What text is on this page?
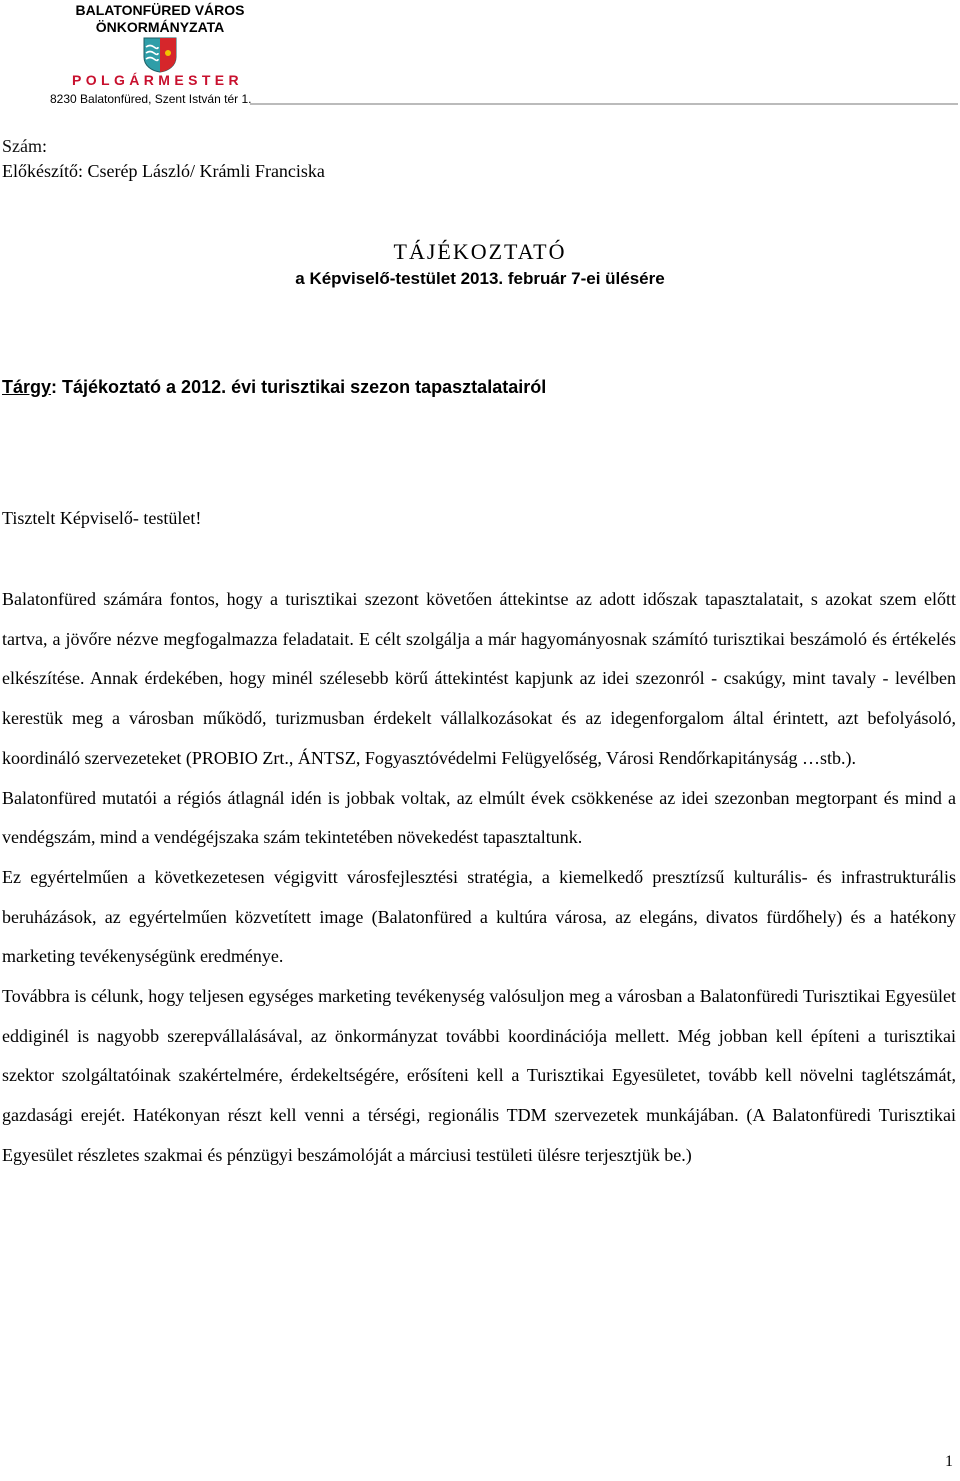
BALATONFÜRED VÁROS
ÖNKORMÁNYZATA
POLGÁRMESTER
8230 Balatonfüred, Szent István tér 1.
Szám:
Előkészítő: Cserép László/ Krámli Franciska
TÁJÉKOZTATÓ
a Képviselő-testület 2013. február 7-ei ülésére
Tárgy: Tájékoztató a 2012. évi turisztikai szezon tapasztalatairól
Tisztelt Képviselő- testület!

Balatonfüred számára fontos, hogy a turisztikai szezont követően áttekintse az adott időszak tapasztalatait, s azokat szem előtt tartva, a jövőre nézve megfogalmazza feladatait. E célt szolgálja a már hagyományosnak számító turisztikai beszámoló és értékelés elkészítése. Annak érdekében, hogy minél szélesebb körű áttekintést kapjunk az idei szezonról - csakúgy, mint tavaly - levélben kerestük meg a városban működő, turizmusban érdekelt vállalkozásokat és az idegenforgalom által érintett, azt befolyásoló, koordináló szervezeteket (PROBIO Zrt., ÁNTSZ, Fogyasztóvédelmi Felügyelőség, Városi Rendőrkapitányság …stb.).

Balatonfüred mutatói a régiós átlagnál idén is jobbak voltak, az elmúlt évek csökkenése az idei szezonban megtorpant és mind a vendégszám, mind a vendégéjszaka szám tekintetében növekedést tapasztaltunk.

Ez egyértelműen a következetesen végigvitt városfejlesztési stratégia, a kiemelkedő presztízsű kulturális- és infrastrukturális beruházások, az egyértelműen közvetített image (Balatonfüred a kultúra városa, az elegáns, divatos fürdőhely) és a hatékony marketing tevékenységünk eredménye.

Továbbra is célunk, hogy teljesen egységes marketing tevékenység valósuljon meg a városban a Balatonfüredi Turisztikai Egyesület eddiginél is nagyobb szerepvállalásával, az önkormányzat további koordinációja mellett. Még jobban kell építeni a turisztikai szektor szolgáltatóinak szakértelmére, érdekeltségére, erősíteni kell a Turisztikai Egyesületet, tovább kell növelni taglétszámát, gazdasági erejét. Hatékonyan részt kell venni a térségi, regionális TDM szervezetek munkájában. (A Balatonfüredi Turisztikai Egyesület részletes szakmai és pénzügyi beszámolóját a márciusi testületi ülésre terjesztjük be.)

1
